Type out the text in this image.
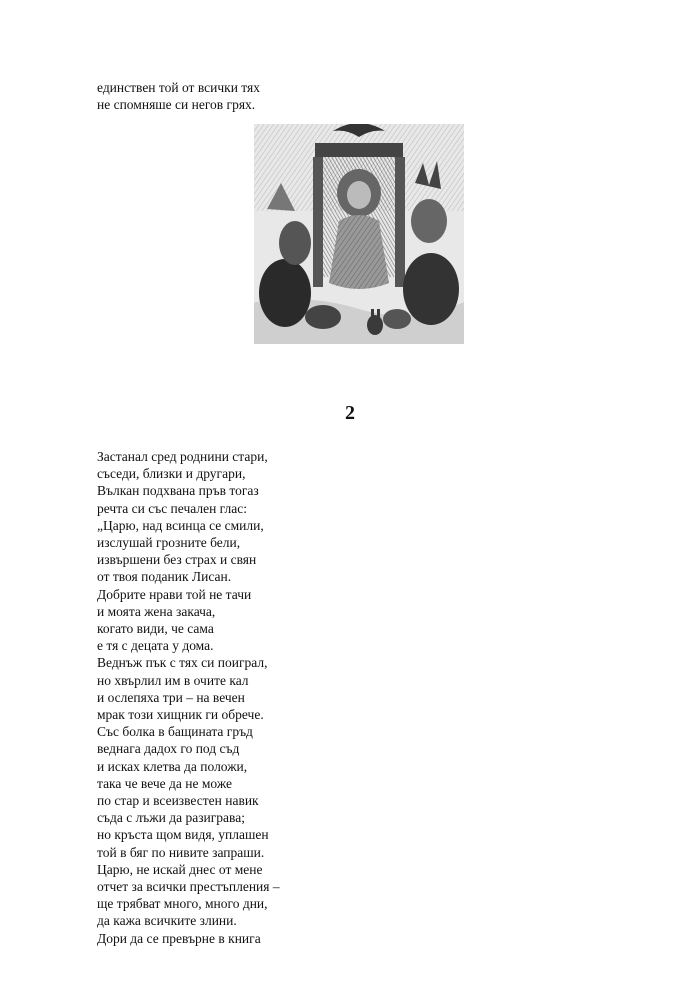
единствен той от всички тях
не спомняше си негов грях.
2
Застанал сред роднини стари,
съседи, близки и другари,
Вълкан подхвана пръв тогаз
речта си със печален глас:
„Царю, над всинца се смили,
изслушай грозните бели,
извършени без страх и свян
от твоя поданик Лисан.
Добрите нрави той не тачи
и моята жена закача,
когато види, че сама
е тя с децата у дома.
Веднъж пък с тях си поиграл,
но хвърлил им в очите кал
и ослепяха три – на вечен
мрак този хищник ги обрече.
Със болка в бащината гръд
веднага дадох го под съд
и исках клетва да положи,
така че вече да не може
по стар и всеизвестен навик
съда с лъжи да разиграва;
но кръста щом видя, уплашен
той в бяг по нивите запраши.
Царю, не искай днес от мене
отчет за всички престъпления –
ще трябват много, много дни,
да кажа всичките злини.
Дори да се превърне в книга
